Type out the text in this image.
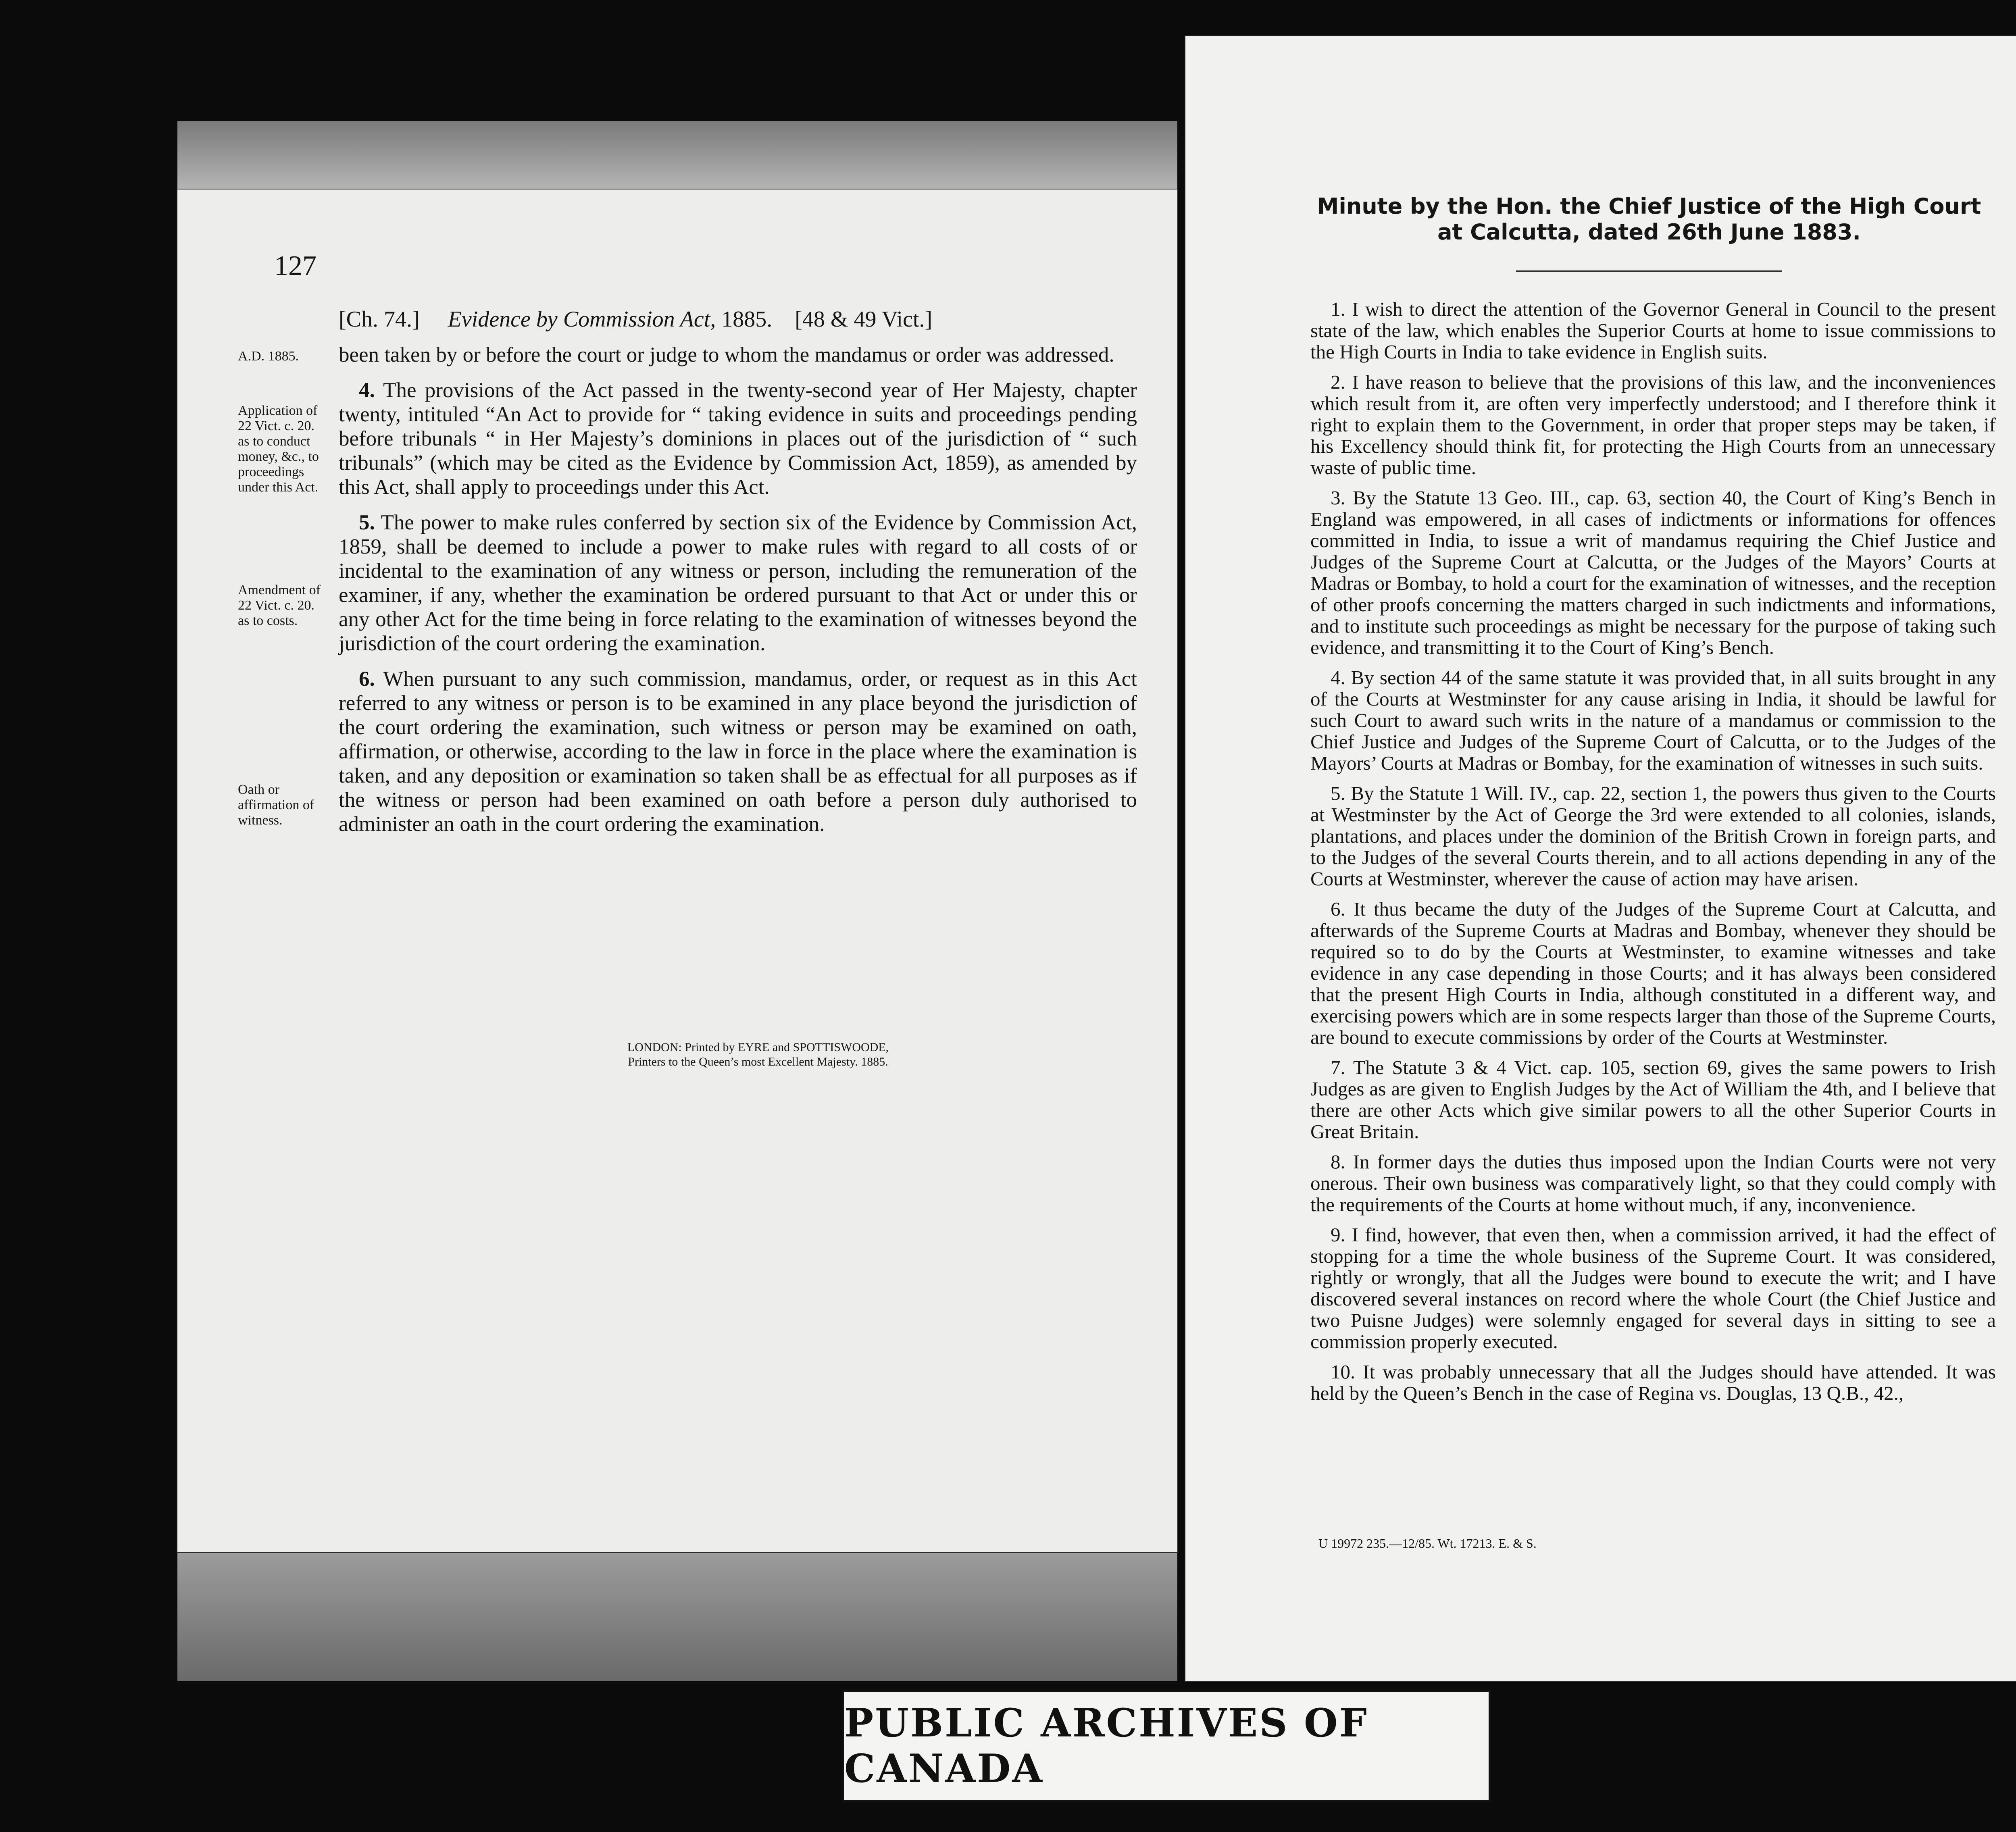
127
[Ch. 74.] Evidence by Commission Act, 1885. [48 & 49 Vict.]
A.D. 1885.
Application of 22 Vict. c. 20. as to conduct money, &c., to proceedings under this Act.
Amendment of 22 Vict. c. 20. as to costs.
Oath or affirmation of witness.

been taken by or before the court or judge to whom the mandamus or order was addressed.

4. The provisions of the Act passed in the twenty-second year of Her Majesty, chapter twenty, intituled “An Act to provide for “ taking evidence in suits and proceedings pending before tribunals “ in Her Majesty’s dominions in places out of the jurisdiction of “ such tribunals” (which may be cited as the Evidence by Commission Act, 1859), as amended by this Act, shall apply to proceedings under this Act.

5. The power to make rules conferred by section six of the Evidence by Commission Act, 1859, shall be deemed to include a power to make rules with regard to all costs of or incidental to the examination of any witness or person, including the remuneration of the examiner, if any, whether the examination be ordered pursuant to that Act or under this or any other Act for the time being in force relating to the examination of witnesses beyond the jurisdiction of the court ordering the examination.

6. When pursuant to any such commission, mandamus, order, or request as in this Act referred to any witness or person is to be examined in any place beyond the jurisdiction of the court ordering the examination, such witness or person may be examined on oath, affirmation, or otherwise, according to the law in force in the place where the examination is taken, and any deposition or examination so taken shall be as effectual for all purposes as if the witness or person had been examined on oath before a person duly authorised to administer an oath in the court ordering the examination.

LONDON: Printed by EYRE and SPOTTISWOODE,
Printers to the Queen’s most Excellent Majesty. 1885.
Minute by the Hon. the Chief Justice of the High Court
at Calcutta, dated 26th June 1883.

1. I wish to direct the attention of the Governor General in Council to the present state of the law, which enables the Superior Courts at home to issue commissions to the High Courts in India to take evidence in English suits.

2. I have reason to believe that the provisions of this law, and the inconveniences which result from it, are often very imperfectly understood; and I therefore think it right to explain them to the Government, in order that proper steps may be taken, if his Excellency should think fit, for protecting the High Courts from an unnecessary waste of public time.

3. By the Statute 13 Geo. III., cap. 63, section 40, the Court of King’s Bench in England was empowered, in all cases of indictments or informations for offences committed in India, to issue a writ of mandamus requiring the Chief Justice and Judges of the Supreme Court at Calcutta, or the Judges of the Mayors’ Courts at Madras or Bombay, to hold a court for the examination of witnesses, and the reception of other proofs concerning the matters charged in such indictments and informations, and to institute such proceedings as might be necessary for the purpose of taking such evidence, and transmitting it to the Court of King’s Bench.

4. By section 44 of the same statute it was provided that, in all suits brought in any of the Courts at Westminster for any cause arising in India, it should be lawful for such Court to award such writs in the nature of a mandamus or commission to the Chief Justice and Judges of the Supreme Court of Calcutta, or to the Judges of the Mayors’ Courts at Madras or Bombay, for the examination of witnesses in such suits.

5. By the Statute 1 Will. IV., cap. 22, section 1, the powers thus given to the Courts at Westminster by the Act of George the 3rd were extended to all colonies, islands, plantations, and places under the dominion of the British Crown in foreign parts, and to the Judges of the several Courts therein, and to all actions depending in any of the Courts at Westminster, wherever the cause of action may have arisen.

6. It thus became the duty of the Judges of the Supreme Court at Calcutta, and afterwards of the Supreme Courts at Madras and Bombay, whenever they should be required so to do by the Courts at Westminster, to examine witnesses and take evidence in any case depending in those Courts; and it has always been considered that the present High Courts in India, although constituted in a different way, and exercising powers which are in some respects larger than those of the Supreme Courts, are bound to execute commissions by order of the Courts at Westminster.

7. The Statute 3 & 4 Vict. cap. 105, section 69, gives the same powers to Irish Judges as are given to English Judges by the Act of William the 4th, and I believe that there are other Acts which give similar powers to all the other Superior Courts in Great Britain.

8. In former days the duties thus imposed upon the Indian Courts were not very onerous. Their own business was comparatively light, so that they could comply with the requirements of the Courts at home without much, if any, inconvenience.

9. I find, however, that even then, when a commission arrived, it had the effect of stopping for a time the whole business of the Supreme Court. It was considered, rightly or wrongly, that all the Judges were bound to execute the writ; and I have discovered several instances on record where the whole Court (the Chief Justice and two Puisne Judges) were solemnly engaged for several days in sitting to see a commission properly executed.

10. It was probably unnecessary that all the Judges should have attended. It was held by the Queen’s Bench in the case of Regina vs. Douglas, 13 Q.B., 42.,

U 19972 235.—12/85. Wt. 17213. E. & S.
PUBLIC ARCHIVES OF CANADA
